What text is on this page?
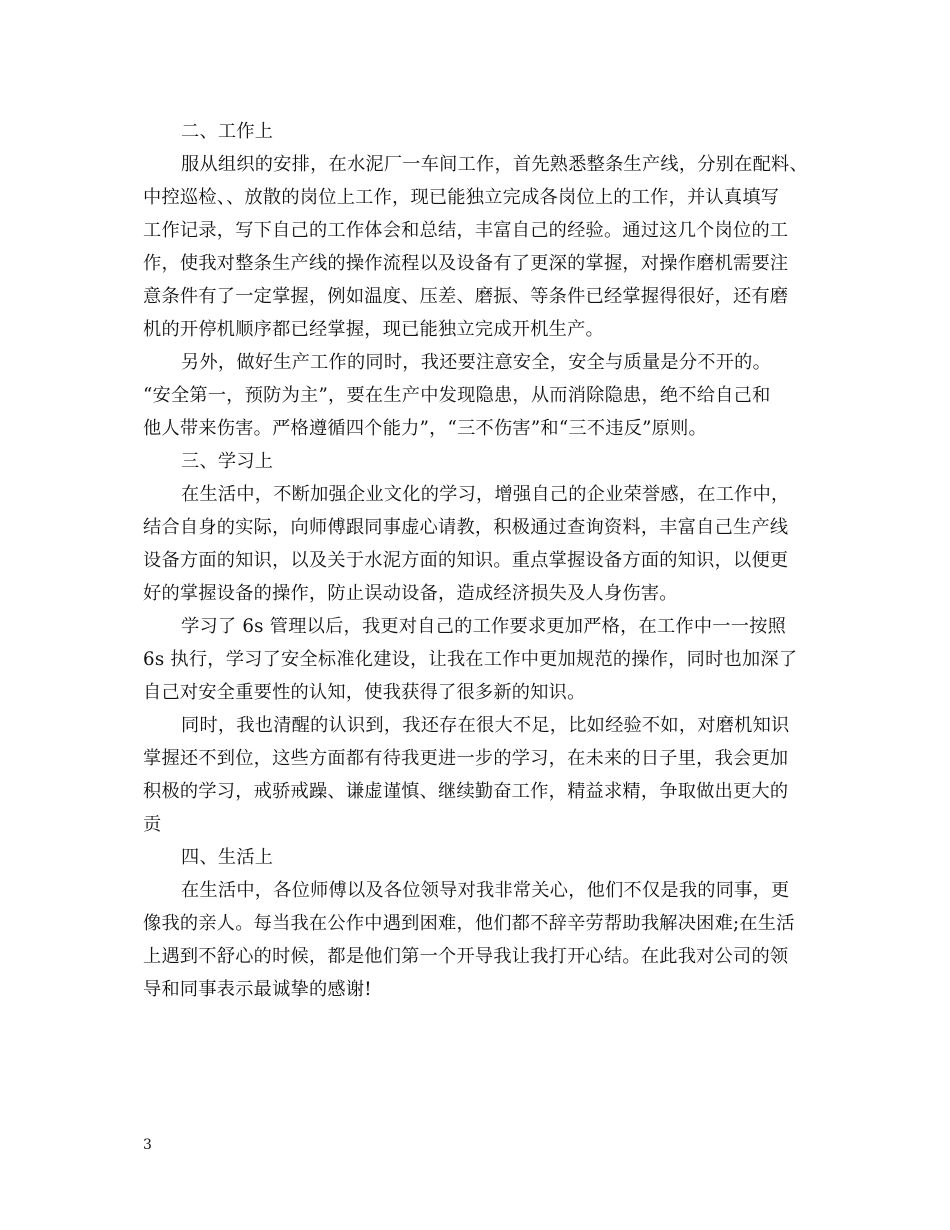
二、工作上
服从组织的安排，在水泥厂一车间工作，首先熟悉整条生产线，分别在配料、
中控巡检、、放散的岗位上工作，现已能独立完成各岗位上的工作，并认真填写
工作记录，写下自己的工作体会和总结，丰富自己的经验。通过这几个岗位的工
作，使我对整条生产线的操作流程以及设备有了更深的掌握，对操作磨机需要注
意条件有了一定掌握，例如温度、压差、磨振、等条件已经掌握得很好，还有磨
机的开停机顺序都已经掌握，现已能独立完成开机生产。
另外，做好生产工作的同时，我还要注意安全，安全与质量是分不开的。
“安全第一，预防为主”，要在生产中发现隐患，从而消除隐患，绝不给自己和
他人带来伤害。严格遵循四个能力”，“三不伤害”和“三不违反”原则。
三、学习上
在生活中，不断加强企业文化的学习，增强自己的企业荣誉感，在工作中，
结合自身的实际，向师傅跟同事虚心请教，积极通过查询资料，丰富自己生产线
设备方面的知识，以及关于水泥方面的知识。重点掌握设备方面的知识，以便更
好的掌握设备的操作，防止误动设备，造成经济损失及人身伤害。
学习了 6s 管理以后，我更对自己的工作要求更加严格，在工作中一一按照
6s 执行，学习了安全标准化建设，让我在工作中更加规范的操作，同时也加深了
自己对安全重要性的认知，使我获得了很多新的知识。
同时，我也清醒的认识到，我还存在很大不足，比如经验不如，对磨机知识
掌握还不到位，这些方面都有待我更进一步的学习，在未来的日子里，我会更加
积极的学习，戒骄戒躁、谦虚谨慎、继续勤奋工作，精益求精，争取做出更大的
贡
四、生活上
在生活中，各位师傅以及各位领导对我非常关心，他们不仅是我的同事，更
像我的亲人。每当我在公作中遇到困难，他们都不辞辛劳帮助我解决困难;在生活
上遇到不舒心的时候，都是他们第一个开导我让我打开心结。在此我对公司的领
导和同事表示最诚挚的感谢!
3
